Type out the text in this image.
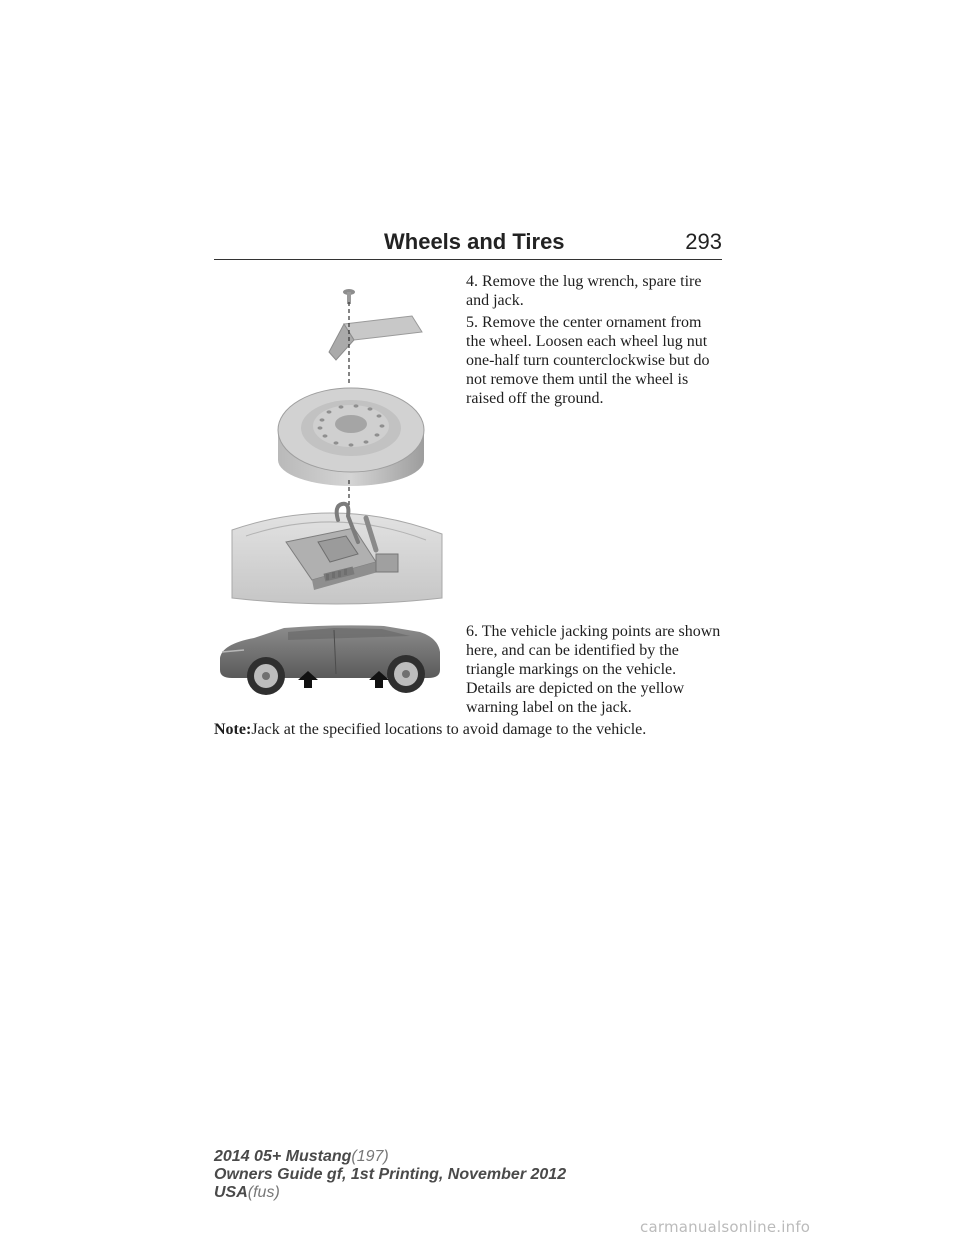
Wheels and Tires	293
4. Remove the lug wrench, spare tire and jack.
5. Remove the center ornament from the wheel. Loosen each wheel lug nut one-half turn counterclockwise but do not remove them until the wheel is raised off the ground.
6. The vehicle jacking points are shown here, and can be identified by the triangle markings on the vehicle. Details are depicted on the yellow warning label on the jack.
Note:Jack at the specified locations to avoid damage to the vehicle.
2014 05+ Mustang(197)
Owners Guide gf, 1st Printing, November 2012
USA(fus)
carmanualsonline.info
